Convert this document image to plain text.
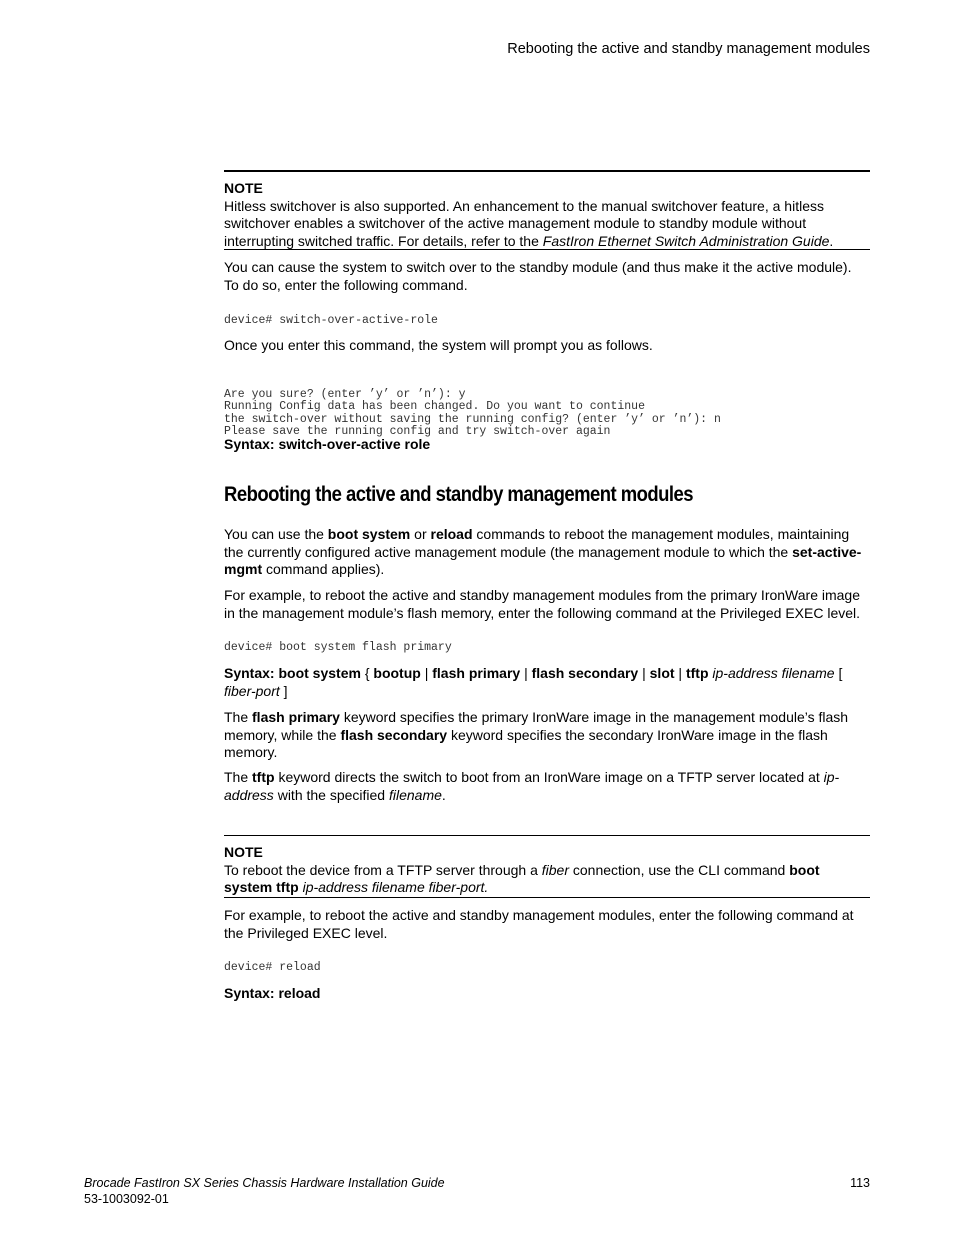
Rebooting the active and standby management modules
NOTE
Hitless switchover is also supported. An enhancement to the manual switchover feature, a hitless switchover enables a switchover of the active management module to standby module without interrupting switched traffic. For details, refer to the FastIron Ethernet Switch Administration Guide.
You can cause the system to switch over to the standby module (and thus make it the active module). To do so, enter the following command.
device# switch-over-active-role
Once you enter this command, the system will prompt you as follows.

Are you sure? (enter ’y’ or ’n’): y
Running Config data has been changed. Do you want to continue
the switch-over without saving the running config? (enter ’y’ or ’n’): n
Please save the running config and try switch-over again

Syntax: switch-over-active role
Rebooting the active and standby management modules
You can use the boot system or reload commands to reboot the management modules, maintaining the currently configured active management module (the management module to which the set-active-mgmt command applies).
For example, to reboot the active and standby management modules from the primary IronWare image in the management module’s flash memory, enter the following command at the Privileged EXEC level.
device# boot system flash primary
Syntax: boot system { bootup | flash primary | flash secondary | slot | tftp ip-address filename [ fiber-port ]
The flash primary keyword specifies the primary IronWare image in the management module’s flash memory, while the flash secondary keyword specifies the secondary IronWare image in the flash memory.
The tftp keyword directs the switch to boot from an IronWare image on a TFTP server located at ip-address with the specified filename.
NOTE
To reboot the device from a TFTP server through a fiber connection, use the CLI command boot system tftp ip-address filename fiber-port.
For example, to reboot the active and standby management modules, enter the following command at the Privileged EXEC level.
device# reload
Syntax: reload
Brocade FastIron SX Series Chassis Hardware Installation Guide
53-1003092-01
113
